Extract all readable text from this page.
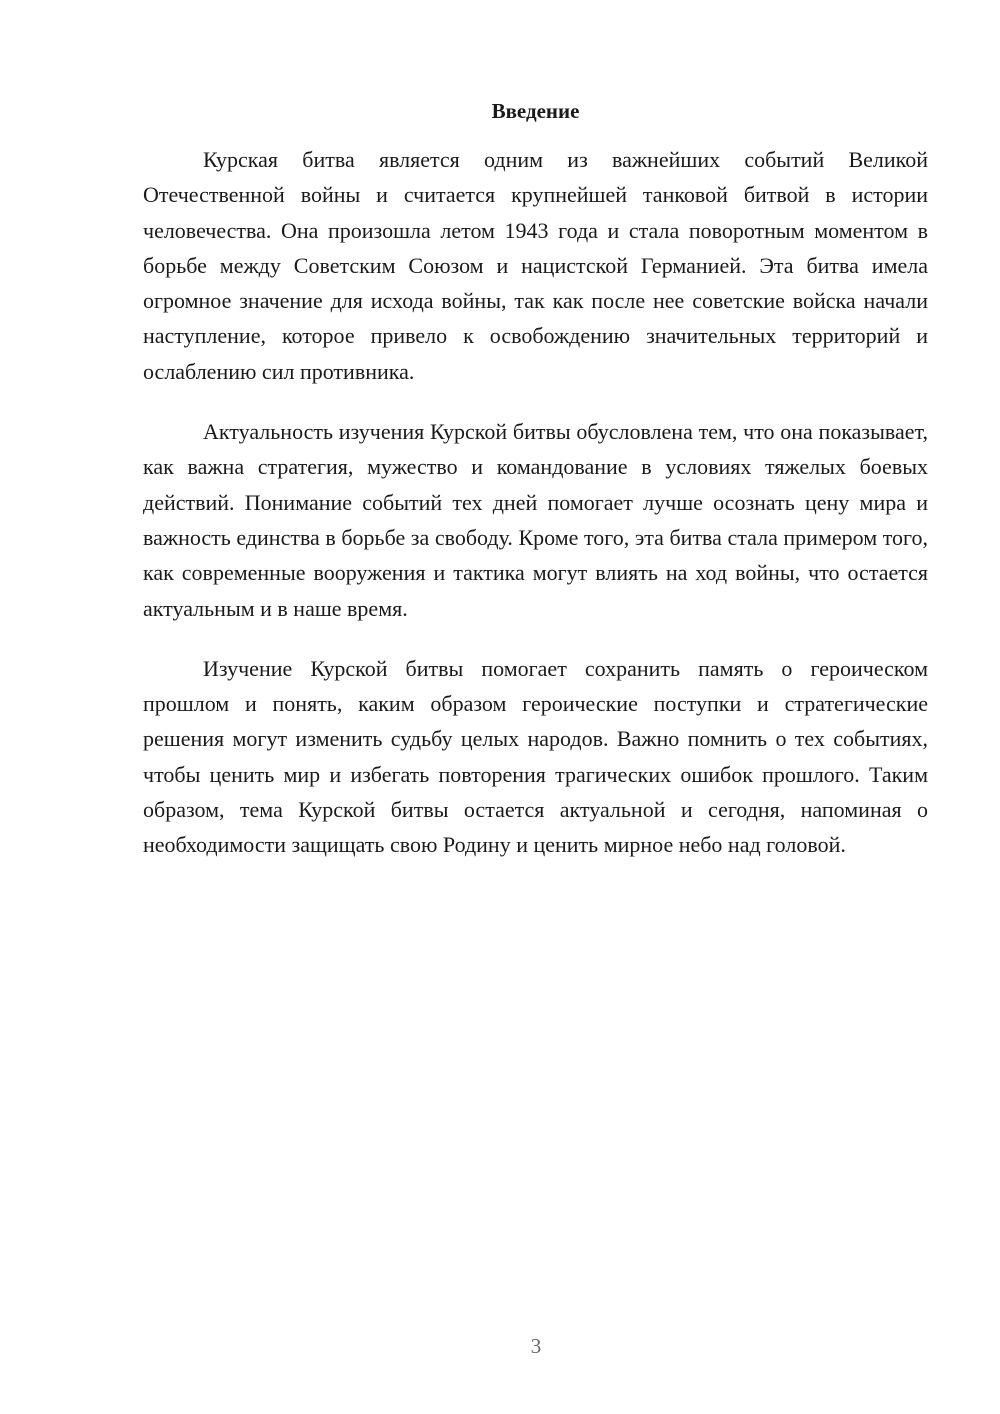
Введение

Курская битва является одним из важнейших событий Великой Отечественной войны и считается крупнейшей танковой битвой в истории человечества. Она произошла летом 1943 года и стала поворотным моментом в борьбе между Советским Союзом и нацистской Германией. Эта битва имела огромное значение для исхода войны, так как после нее советские войска начали наступление, которое привело к освобождению значительных территорий и ослаблению сил противника.

Актуальность изучения Курской битвы обусловлена тем, что она показывает, как важна стратегия, мужество и командование в условиях тяжелых боевых действий. Понимание событий тех дней помогает лучше осознать цену мира и важность единства в борьбе за свободу. Кроме того, эта битва стала примером того, как современные вооружения и тактика могут влиять на ход войны, что остается актуальным и в наше время.

Изучение Курской битвы помогает сохранить память о героическом прошлом и понять, каким образом героические поступки и стратегические решения могут изменить судьбу целых народов. Важно помнить о тех событиях, чтобы ценить мир и избегать повторения трагических ошибок прошлого. Таким образом, тема Курской битвы остается актуальной и сегодня, напоминая о необходимости защищать свою Родину и ценить мирное небо над головой.

3
